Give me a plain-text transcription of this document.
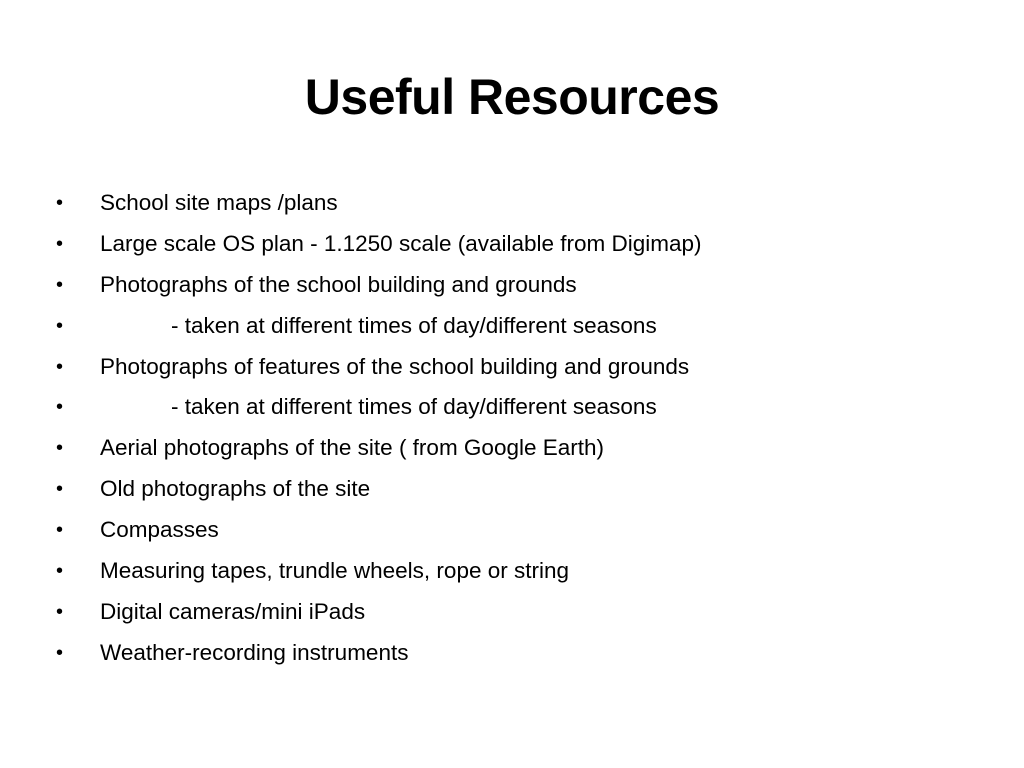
Useful Resources
•	School site maps /plans
•	Large scale OS plan - 1.1250 scale (available from Digimap)
•	Photographs of the school building and grounds
•	- taken at different times of day/different seasons
•	Photographs of features of the school building and grounds
•	- taken at different times of day/different seasons
•	Aerial photographs of the site ( from Google Earth)
•	Old photographs of the site
•	Compasses
•	Measuring tapes, trundle wheels, rope or string
•	Digital cameras/mini iPads
•	Weather-recording instruments
